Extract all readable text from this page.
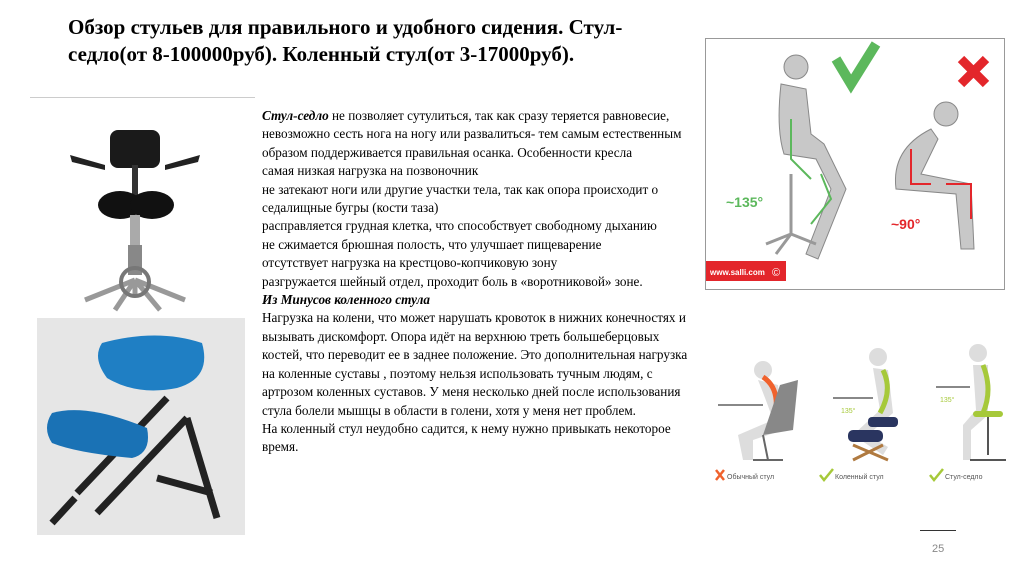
Обзор стульев для правильного и удобного сидения. Стул-седло(от 8-100000руб). Коленный стул(от 3-17000руб).

Стул-седло не позволяет сутулиться, так как сразу теряется равновесие, невозможно сесть нога на ногу или развалиться- тем самым естественным образом поддерживается правильная осанка. Особенности кресла

самая низкая нагрузка на позвоночник

не затекают ноги или другие участки тела, так как опора происходит о седалищные бугры (кости таза)

расправляется грудная клетка, что способствует свободному дыханию

не сжимается брюшная полость, что улучшает пищеварение

отсутствует нагрузка на крестцово-копчиковую зону

разгружается шейный отдел, проходит боль в «воротниковой» зоне.

Из Минусов коленного стула

Нагрузка на колени, что может нарушать кровоток в нижних конечностях и вызывать дискомфорт. Опора идёт на верхнюю треть большеберцовых костей, что переводит ее в заднее положение. Это дополнительная нагрузка на коленные суставы , поэтому нельзя использовать тучным людям, с артрозом коленных суставов. У меня несколько дней после использования стула болели мышцы в области в голени, хотя у меня нет проблем.

На коленный стул неудобно садится, к нему нужно привыкать некоторое время.

~135°
~90°
www.salli.com ©
135°
135°
Обычный стул	Коленный стул	Стул-седло
25
